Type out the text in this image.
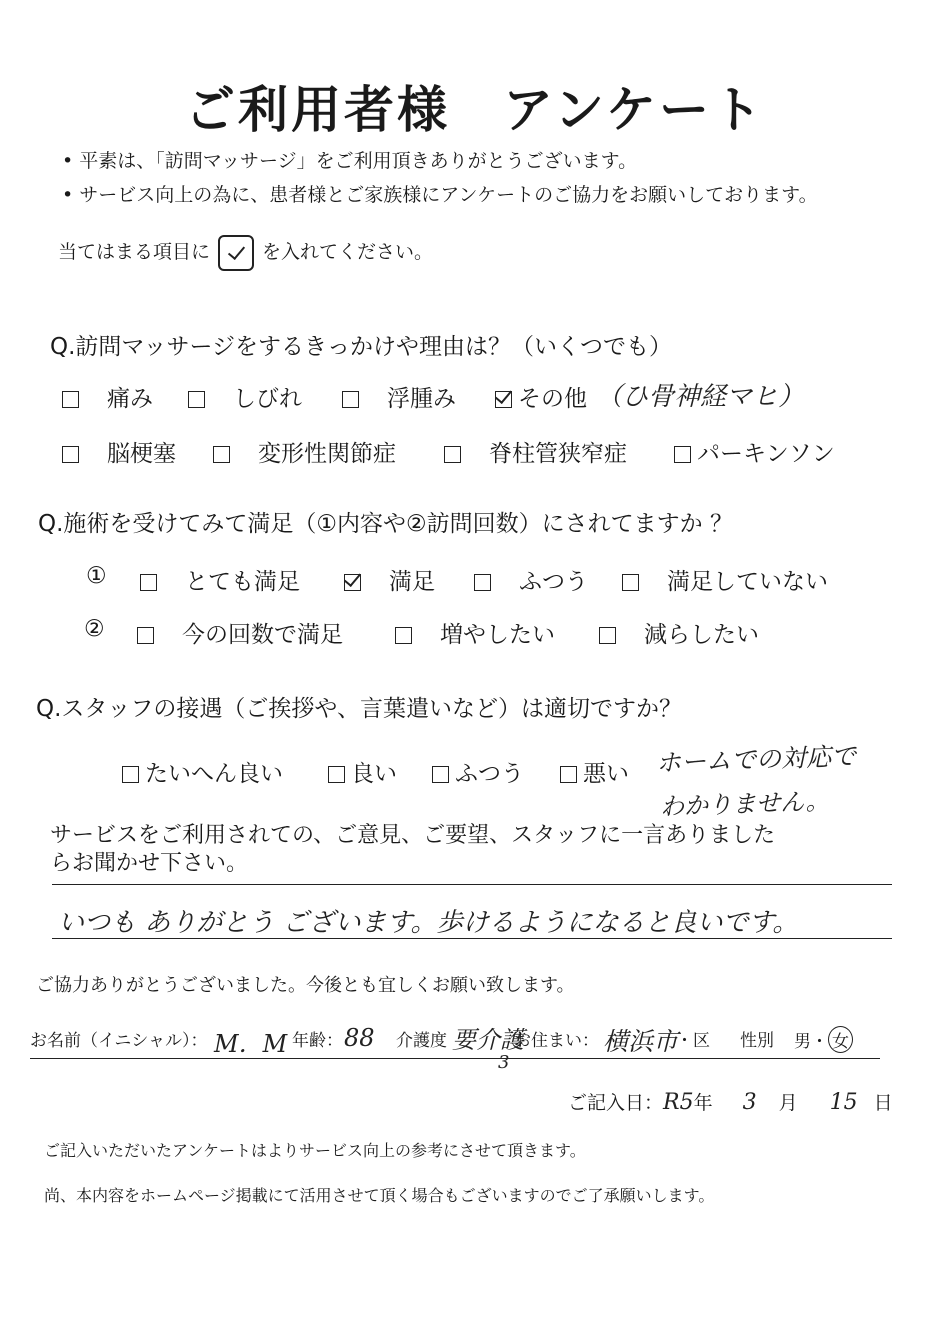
ご利用者様　アンケート
• 平素は、「訪問マッサージ」をご利用頂きありがとうございます。
• サービス向上の為に、患者様とご家族様にアンケートのご協力をお願いしております。
当てはまる項目に	を入れてください。
Q.訪問マッサージをするきっかけや理由は？（いくつでも）
痛み	しびれ	浮腫み	その他 （ひ骨神経マヒ）
脳梗塞	変形性関節症	脊柱管狭窄症	パーキンソン
Q.施術を受けてみて満足（①内容や②訪問回数）にされてますか ？
①	とても満足	満足	ふつう	満足していない
②	今の回数で満足	増やしたい	減らしたい
Q.スタッフの接遇（ご挨拶や、言葉遣いなど）は適切ですか？
たいへん良い	良い	ふつう	悪い ホームでの対応で
わかりません。
サービスをご利用されての、ご意見、ご要望、スタッフに一言ありました
らお聞かせ下さい。
いつも ありがとう ございます。歩けるようになると良いです。
ご協力ありがとうございました。今後とも宜しくお願い致します。
お名前（イニシャル）： M．M 年齢： 88 介護度 要介護
3
お住まい： 横浜市
・区 性別 男・ 女
ご記入日：R5年 3 月 15 日
ご記入いただいたアンケートはよりサービス向上の参考にさせて頂きます。
尚、本内容をホームページ掲載にて活用させて頂く場合もございますのでご了承願いします。
